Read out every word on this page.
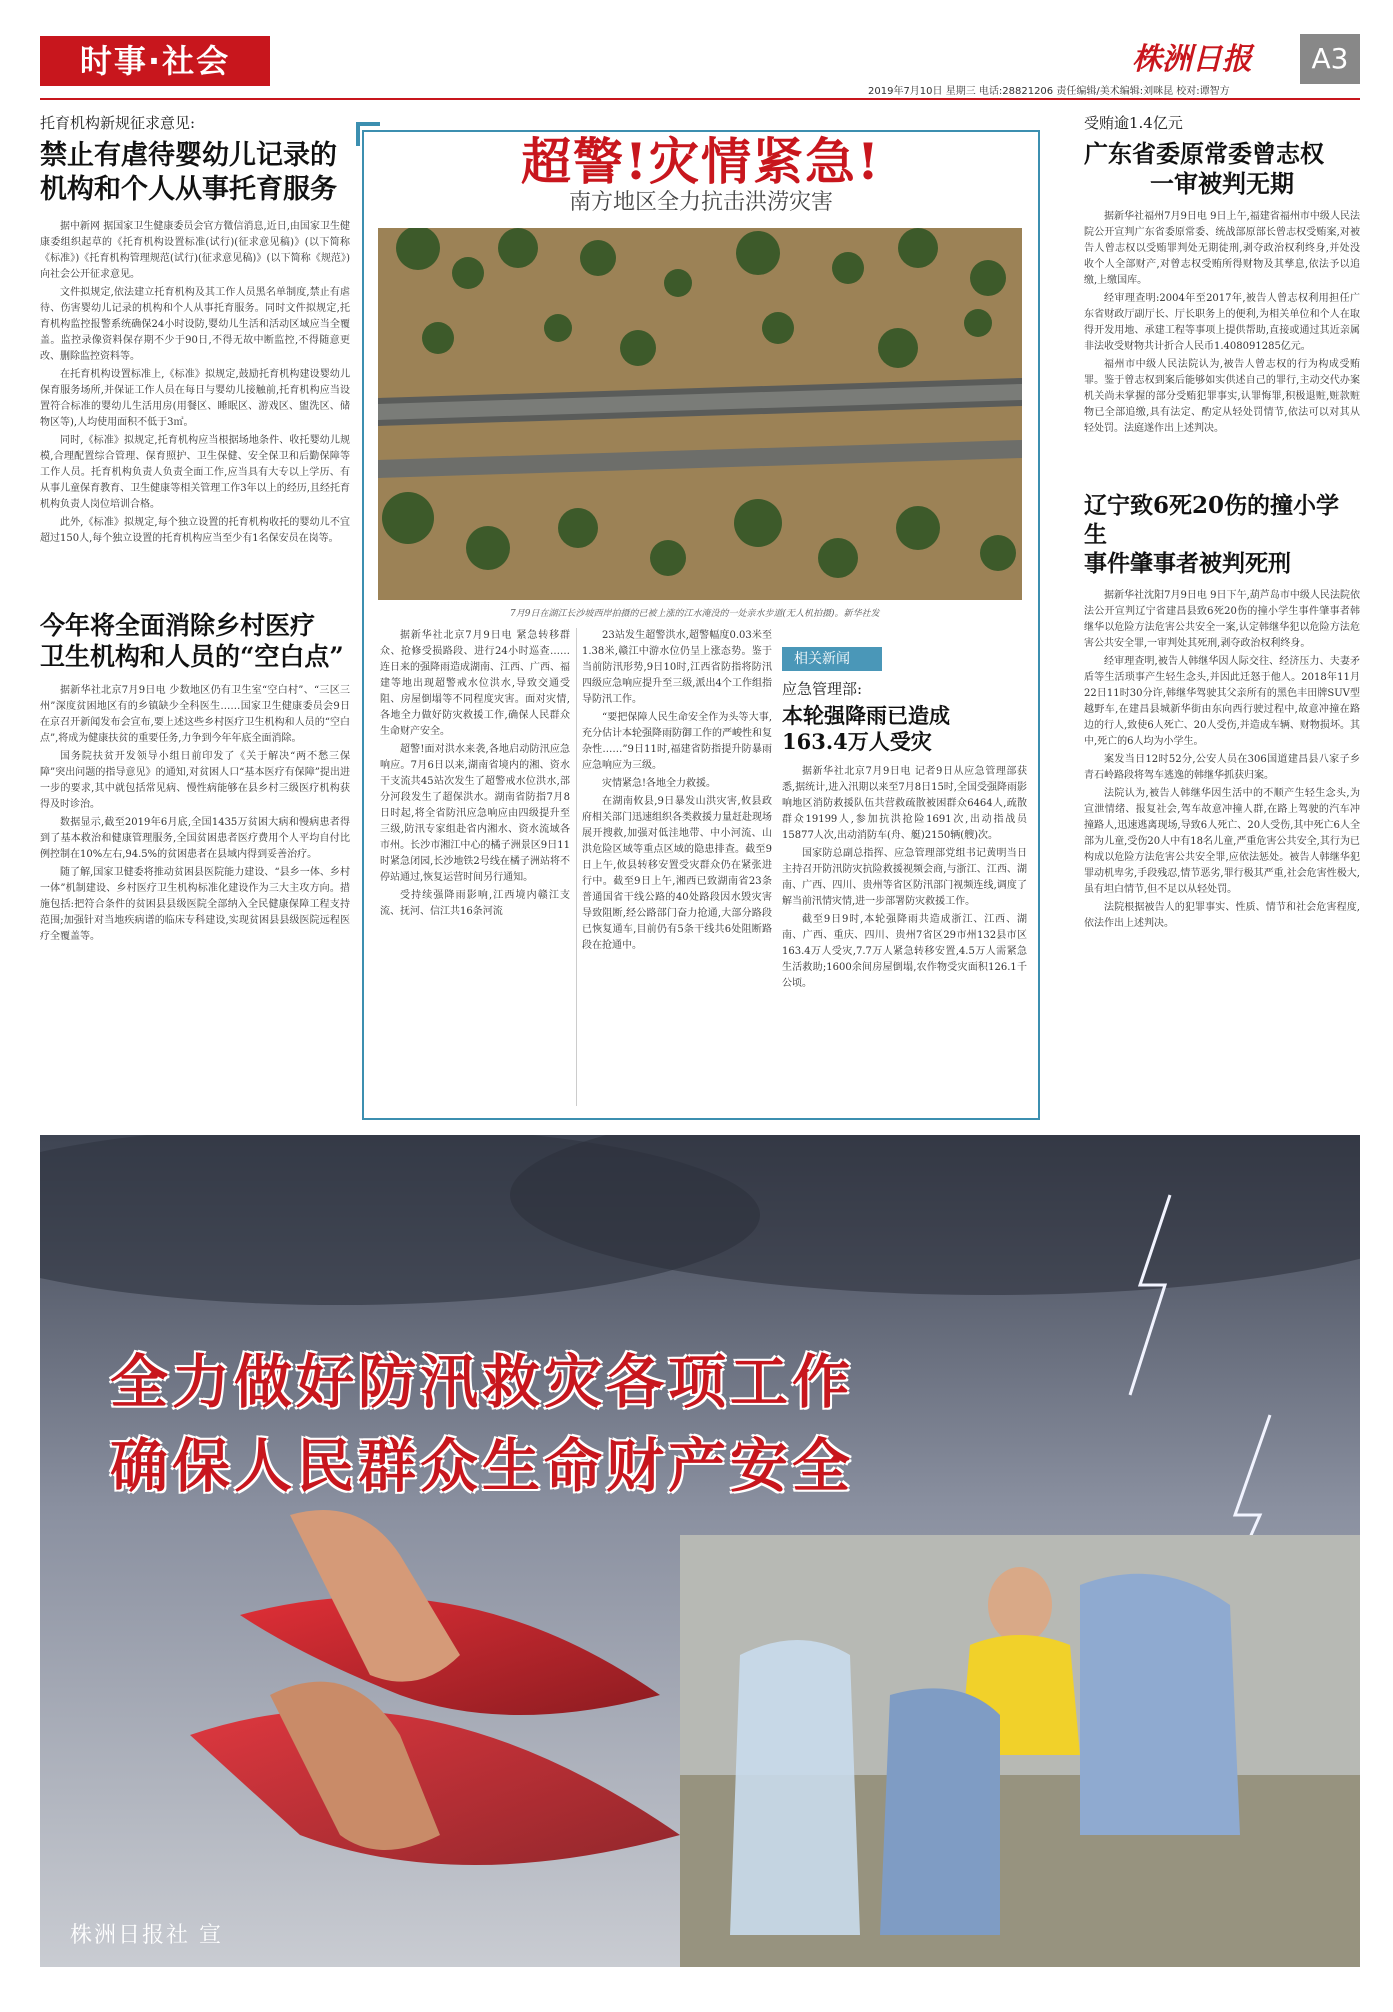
时事·社会	株洲日报	A3
2019年7月10日 星期三 电话:28821206 责任编辑/美术编辑:刘咪昆 校对:谭智方
托育机构新规征求意见:
禁止有虐待婴幼儿记录的
机构和个人从事托育服务

据中新网 据国家卫生健康委员会官方微信消息,近日,由国家卫生健康委组织起草的《托育机构设置标准(试行)(征求意见稿)》(以下简称《标准》)《托育机构管理规范(试行)(征求意见稿)》(以下简称《规范》)向社会公开征求意见。

文件拟规定,依法建立托育机构及其工作人员黑名单制度,禁止有虐待、伤害婴幼儿记录的机构和个人从事托育服务。同时文件拟规定,托育机构监控报警系统确保24小时设防,婴幼儿生活和活动区域应当全覆盖。监控录像资料保存期不少于90日,不得无故中断监控,不得随意更改、删除监控资料等。

在托育机构设置标准上,《标准》拟规定,鼓励托育机构建设婴幼儿保育服务场所,并保证工作人员在每日与婴幼儿接触前,托育机构应当设置符合标准的婴幼儿生活用房(用餐区、睡眠区、游戏区、盥洗区、储物区等),人均使用面积不低于3㎡。

同时,《标准》拟规定,托育机构应当根据场地条件、收托婴幼儿规模,合理配置综合管理、保育照护、卫生保健、安全保卫和后勤保障等工作人员。托育机构负责人负责全面工作,应当具有大专以上学历、有从事儿童保育教育、卫生健康等相关管理工作3年以上的经历,且经托育机构负责人岗位培训合格。

此外,《标准》拟规定,每个独立设置的托育机构收托的婴幼儿不宜超过150人,每个独立设置的托育机构应当至少有1名保安员在岗等。

今年将全面消除乡村医疗
卫生机构和人员的“空白点”

据新华社北京7月9日电 少数地区仍有卫生室“空白村”、“三区三州”深度贫困地区有的乡镇缺少全科医生……国家卫生健康委员会9日在京召开新闻发布会宣布,要上述这些乡村医疗卫生机构和人员的“空白点”,将成为健康扶贫的重要任务,力争到今年年底全面消除。

国务院扶贫开发领导小组日前印发了《关于解决“两不愁三保障”突出问题的指导意见》的通知,对贫困人口“基本医疗有保障”提出进一步的要求,其中就包括常见病、慢性病能够在县乡村三级医疗机构获得及时诊治。

数据显示,截至2019年6月底,全国1435万贫困大病和慢病患者得到了基本救治和健康管理服务,全国贫困患者医疗费用个人平均自付比例控制在10%左右,94.5%的贫困患者在县域内得到妥善治疗。

随了解,国家卫健委将推动贫困县医院能力建设、“县乡一体、乡村一体”机制建设、乡村医疗卫生机构标准化建设作为三大主攻方向。措施包括:把符合条件的贫困县县级医院全部纳入全民健康保障工程支持范围;加强针对当地疾病谱的临床专科建设,实现贫困县县级医院远程医疗全覆盖等。

超警!灾情紧急!
南方地区全力抗击洪涝灾害
7月9日在湖江长沙坡西岸拍摄的已被上涨的江水淹没的一处亲水步道(无人机拍摄)。新华社发

据新华社北京7月9日电 紧急转移群众、抢修受损路段、进行24小时巡查……连日来的强降雨造成湖南、江西、广西、福建等地出现超警戒水位洪水,导致交通受阻、房屋倒塌等不同程度灾害。面对灾情,各地全力做好防灾救援工作,确保人民群众生命财产安全。

超警!面对洪水来袭,各地启动防汛应急响应。7月6日以来,湖南省境内的湘、资水干支流共45站次发生了超警戒水位洪水,部分河段发生了超保洪水。湖南省防指7月8日时起,将全省防汛应急响应由四级提升至三级,防汛专家组赴省内湘水、资水流域各市州。长沙市湘江中心的橘子洲景区9日11时紧急闭园,长沙地铁2号线在橘子洲站将不停站通过,恢复运营时间另行通知。

受持续强降雨影响,江西境内赣江支流、抚河、信江共16条河流

23站发生超警洪水,超警幅度0.03米至1.38米,赣江中游水位仍呈上涨态势。鉴于当前防汛形势,9日10时,江西省防指将防汛四级应急响应提升至三级,派出4个工作组指导防汛工作。

“要把保障人民生命安全作为头等大事,充分估计本轮强降雨防御工作的严峻性和复杂性……”9日11时,福建省防指提升防暴雨应急响应为三级。

灾情紧急!各地全力救援。

在湖南攸县,9日暴发山洪灾害,攸县政府相关部门迅速组织各类救援力量赶赴现场展开搜救,加强对低洼地带、中小河流、山洪危险区域等重点区域的隐患排查。截至9日上午,攸县转移安置受灾群众仍在紧张进行中。截至9日上午,湘西已致湖南省23条普通国省干线公路的40处路段因水毁灾害导致阻断,经公路部门奋力抢通,大部分路段已恢复通车,目前仍有5条干线共6处阻断路段在抢通中。

相关新闻
应急管理部:
本轮强降雨已造成
163.4万人受灾

据新华社北京7月9日电 记者9日从应急管理部获悉,据统计,进入汛期以来至7月8日15时,全国受强降雨影响地区消防救援队伍共营救疏散被困群众6464人,疏散群众19199人,参加抗洪抢险1691次,出动指战员15877人次,出动消防车(舟、艇)2150辆(艘)次。

国家防总副总指挥、应急管理部党组书记黄明当日主持召开防汛防灾抗险救援视频会商,与浙江、江西、湖南、广西、四川、贵州等省区防汛部门视频连线,调度了解当前汛情灾情,进一步部署防灾救援工作。

截至9日9时,本轮强降雨共造成浙江、江西、湖南、广西、重庆、四川、贵州7省区29市州132县市区163.4万人受灾,7.7万人紧急转移安置,4.5万人需紧急生活救助;1600余间房屋倒塌,农作物受灾面积126.1千公顷。

受贿逾1.4亿元
广东省委原常委曾志权
一审被判无期

据新华社福州7月9日电 9日上午,福建省福州市中级人民法院公开宣判广东省委原常委、统战部原部长曾志权受贿案,对被告人曾志权以受贿罪判处无期徒刑,剥夺政治权利终身,并处没收个人全部财产,对曾志权受贿所得财物及其孳息,依法予以追缴,上缴国库。

经审理查明:2004年至2017年,被告人曾志权利用担任广东省财政厅副厅长、厅长职务上的便利,为相关单位和个人在取得开发用地、承建工程等事项上提供帮助,直接或通过其近亲属非法收受财物共计折合人民币1.408091285亿元。

福州市中级人民法院认为,被告人曾志权的行为构成受贿罪。鉴于曾志权到案后能够如实供述自己的罪行,主动交代办案机关尚未掌握的部分受贿犯罪事实,认罪悔罪,积极退赃,赃款赃物已全部追缴,具有法定、酌定从轻处罚情节,依法可以对其从轻处罚。法庭遂作出上述判决。

辽宁致6死20伤的撞小学生
事件肇事者被判死刑

据新华社沈阳7月9日电 9日下午,葫芦岛市中级人民法院依法公开宣判辽宁省建昌县致6死20伤的撞小学生事件肇事者韩继华以危险方法危害公共安全一案,认定韩继华犯以危险方法危害公共安全罪,一审判处其死刑,剥夺政治权利终身。

经审理查明,被告人韩继华因人际交往、经济压力、夫妻矛盾等生活琐事产生轻生念头,并因此迁怒于他人。2018年11月22日11时30分许,韩继华驾驶其父亲所有的黑色丰田牌SUV型越野车,在建昌县城新华街由东向西行驶过程中,故意冲撞在路边的行人,致使6人死亡、20人受伤,并造成车辆、财物损坏。其中,死亡的6人均为小学生。

案发当日12时52分,公安人员在306国道建昌县八家子乡青石岭路段将驾车逃逸的韩继华抓获归案。

法院认为,被告人韩继华因生活中的不顺产生轻生念头,为宣泄情绪、报复社会,驾车故意冲撞人群,在路上驾驶的汽车冲撞路人,迅速逃离现场,导致6人死亡、20人受伤,其中死亡6人全部为儿童,受伤20人中有18名儿童,严重危害公共安全,其行为已构成以危险方法危害公共安全罪,应依法惩处。被告人韩继华犯罪动机卑劣,手段残忍,情节恶劣,罪行极其严重,社会危害性极大,虽有坦白情节,但不足以从轻处罚。

法院根据被告人的犯罪事实、性质、情节和社会危害程度,依法作出上述判决。

全力做好防汛救灾各项工作
确保人民群众生命财产安全
株洲日报社 宣
